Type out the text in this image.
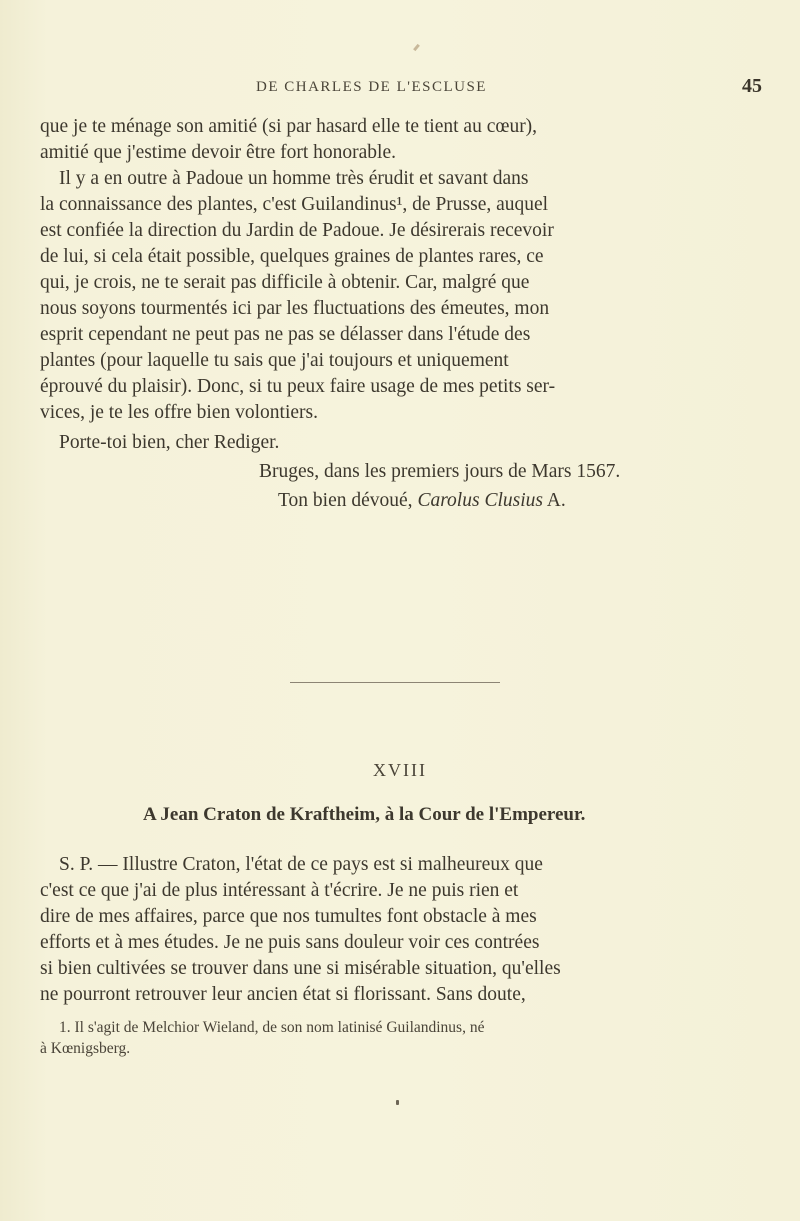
DE CHARLES DE L'ESCLUSE	45
que je te ménage son amitié (si par hasard elle te tient au cœur),
amitié que j'estime devoir être fort honorable.
Il y a en outre à Padoue un homme très érudit et savant dans
la connaissance des plantes, c'est Guilandinus¹, de Prusse, auquel
est confiée la direction du Jardin de Padoue. Je désirerais recevoir
de lui, si cela était possible, quelques graines de plantes rares, ce
qui, je crois, ne te serait pas difficile à obtenir. Car, malgré que
nous soyons tourmentés ici par les fluctuations des émeutes, mon
esprit cependant ne peut pas ne pas se délasser dans l'étude des
plantes (pour laquelle tu sais que j'ai toujours et uniquement
éprouvé du plaisir). Donc, si tu peux faire usage de mes petits ser-
vices, je te les offre bien volontiers.
Porte-toi bien, cher Rediger.
Bruges, dans les premiers jours de Mars 1567.
Ton bien dévoué, Carolus Clusius A.
XVIII
A Jean Craton de Kraftheim, à la Cour de l'Empereur.
S. P. — Illustre Craton, l'état de ce pays est si malheureux que
c'est ce que j'ai de plus intéressant à t'écrire. Je ne puis rien et
dire de mes affaires, parce que nos tumultes font obstacle à mes
efforts et à mes études. Je ne puis sans douleur voir ces contrées
si bien cultivées se trouver dans une si misérable situation, qu'elles
ne pourront retrouver leur ancien état si florissant. Sans doute,
1. Il s'agit de Melchior Wieland, de son nom latinisé Guilandinus, né
à Kœnigsberg.
